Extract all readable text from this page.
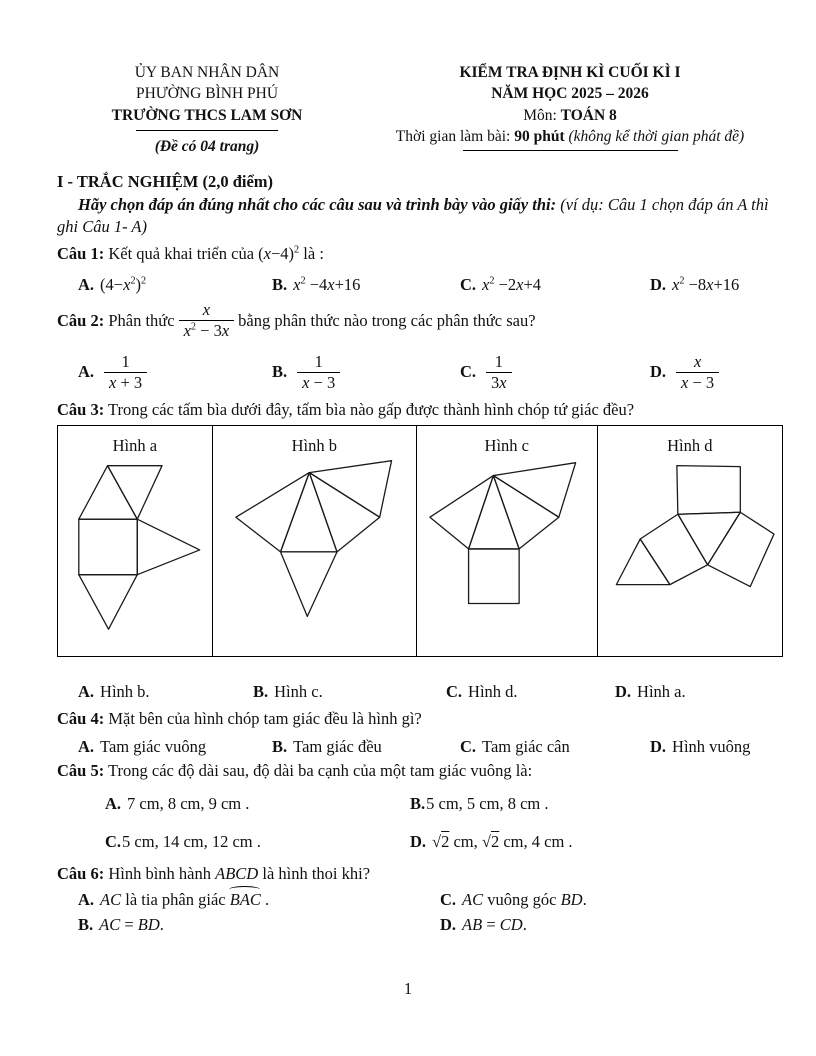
ỦY BAN NHÂN DÂN
PHƯỜNG BÌNH PHÚ
TRƯỜNG THCS LAM SƠN
(Đề có 04 trang)
KIỂM TRA ĐỊNH KÌ CUỐI KÌ I
NĂM HỌC 2025 – 2026
Môn: TOÁN 8
Thời gian làm bài: 90 phút (không kể thời gian phát đề)
I - TRẮC NGHIỆM (2,0 điểm)

Hãy chọn đáp án đúng nhất cho các câu sau và trình bày vào giấy thi: (ví dụ: Câu 1 chọn đáp án A thì ghi Câu 1- A)

Câu 1: Kết quả khai triển của $(x-4)^2$ là :

A. $(4-x^2)^2$	B. $x^2 -4x+16$	C. $x^2 -2x+4$	D. $x^2 -8x+16$
Câu 2: Phân thức $\frac{x}{x^2 - 3x}$ bằng phân thức nào trong các phân thức sau?
A. $\frac{1}{x + 3}$	B. $\frac{1}{x - 3}$	C. $\frac{1}{3x}$	D. $\frac{x}{x - 3}$

Câu 3: Trong các tấm bìa dưới đây, tấm bìa nào gấp được thành hình chóp tứ giác đều?

Hình a	Hình b	Hình c	Hình d
A. Hình b.	B. Hình c.	C. Hình d.	D. Hình a.

Câu 4: Mặt bên của hình chóp tam giác đều là hình gì?

A. Tam giác vuông	B. Tam giác đều	C. Tam giác cân	D. Hình vuông

Câu 5: Trong các độ dài sau, độ dài ba cạnh của một tam giác vuông là:

A. 7 cm, 8 cm, 9 cm .	B.5 cm, 5 cm, 8 cm .
C.5 cm, 14 cm, 12 cm .	D. √2 cm, √2 cm, 4 cm .

Câu 6: Hình bình hành ABCD là hình thoi khi?

A. AC là tia phân giác BAC .	C. AC vuông góc BD.
B. AC = BD.	D. AB = CD.
1
